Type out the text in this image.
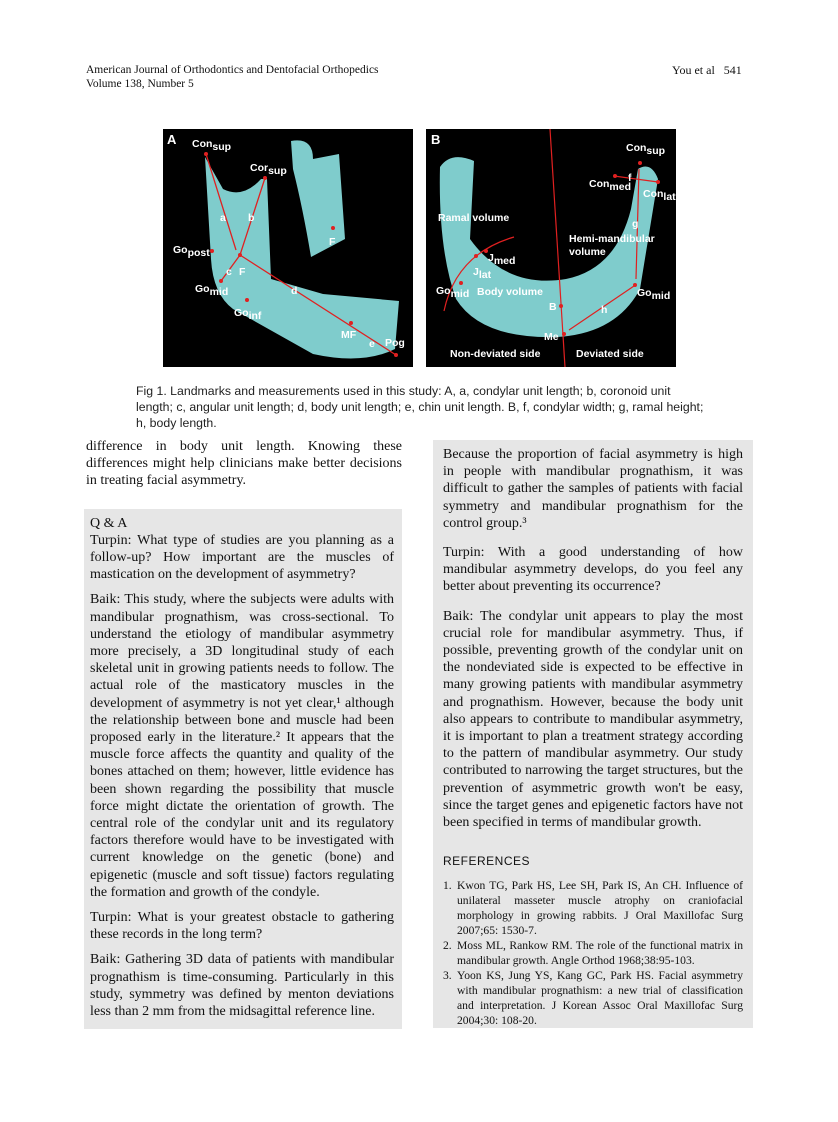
American Journal of Orthodontics and Dentofacial Orthopedics
Volume 138, Number 5
You et al 541
A Consup
Corsup
a b
c F
F
d
e
Gopost
Gomid
Goinf
MF
Pog
B
Consup
Conmed
Conlat
f
g
h
Ramal volume
Hemi-mandibular
volume
Jmed
Jlat
Gomid	Gomid
Body volume
B
Me
Non-deviated side	Deviated side
Fig 1. Landmarks and measurements used in this study: A, a, condylar unit length; b, coronoid unit length; c, angular unit length; d, body unit length; e, chin unit length. B, f, condylar width; g, ramal height; h, body length.

difference in body unit length. Knowing these differences might help clinicians make better decisions in treating facial asymmetry.

Q & A

Turpin: What type of studies are you planning as a follow-up? How important are the muscles of mastication on the development of asymmetry?

Baik: This study, where the subjects were adults with mandibular prognathism, was cross-sectional. To understand the etiology of mandibular asymmetry more precisely, a 3D longitudinal study of each skeletal unit in growing patients needs to follow. The actual role of the masticatory muscles in the development of asymmetry is not yet clear,¹ although the relationship between bone and muscle had been proposed early in the literature.² It appears that the muscle force affects the quantity and quality of the bones attached on them; however, little evidence has been shown regarding the possibility that muscle force might dictate the orientation of growth. The central role of the condylar unit and its regulatory factors therefore would have to be investigated with current knowledge on the genetic (bone) and epigenetic (muscle and soft tissue) factors regulating the formation and growth of the condyle.

Turpin: What is your greatest obstacle to gathering these records in the long term?

Baik: Gathering 3D data of patients with mandibular prognathism is time-consuming. Particularly in this study, symmetry was defined by menton deviations less than 2 mm from the midsagittal reference line.

Because the proportion of facial asymmetry is high in people with mandibular prognathism, it was difficult to gather the samples of patients with facial symmetry and mandibular prognathism for the control group.³

Turpin: With a good understanding of how mandibular asymmetry develops, do you feel any better about preventing its occurrence?

Baik: The condylar unit appears to play the most crucial role for mandibular asymmetry. Thus, if possible, preventing growth of the condylar unit on the nondeviated side is expected to be effective in many growing patients with mandibular asymmetry and prognathism. However, because the body unit also appears to contribute to mandibular asymmetry, it is important to plan a treatment strategy according to the pattern of mandibular asymmetry. Our study contributed to narrowing the target structures, but the prevention of asymmetric growth won't be easy, since the target genes and epigenetic factors have not been specified in terms of mandibular growth.

REFERENCES
1. Kwon TG, Park HS, Lee SH, Park IS, An CH. Influence of unilateral masseter muscle atrophy on craniofacial morphology in growing rabbits. J Oral Maxillofac Surg 2007;65: 1530-7.
2. Moss ML, Rankow RM. The role of the functional matrix in mandibular growth. Angle Orthod 1968;38:95-103.
3. Yoon KS, Jung YS, Kang GC, Park HS. Facial asymmetry with mandibular prognathism: a new trial of classification and interpretation. J Korean Assoc Oral Maxillofac Surg 2004;30: 108-20.
